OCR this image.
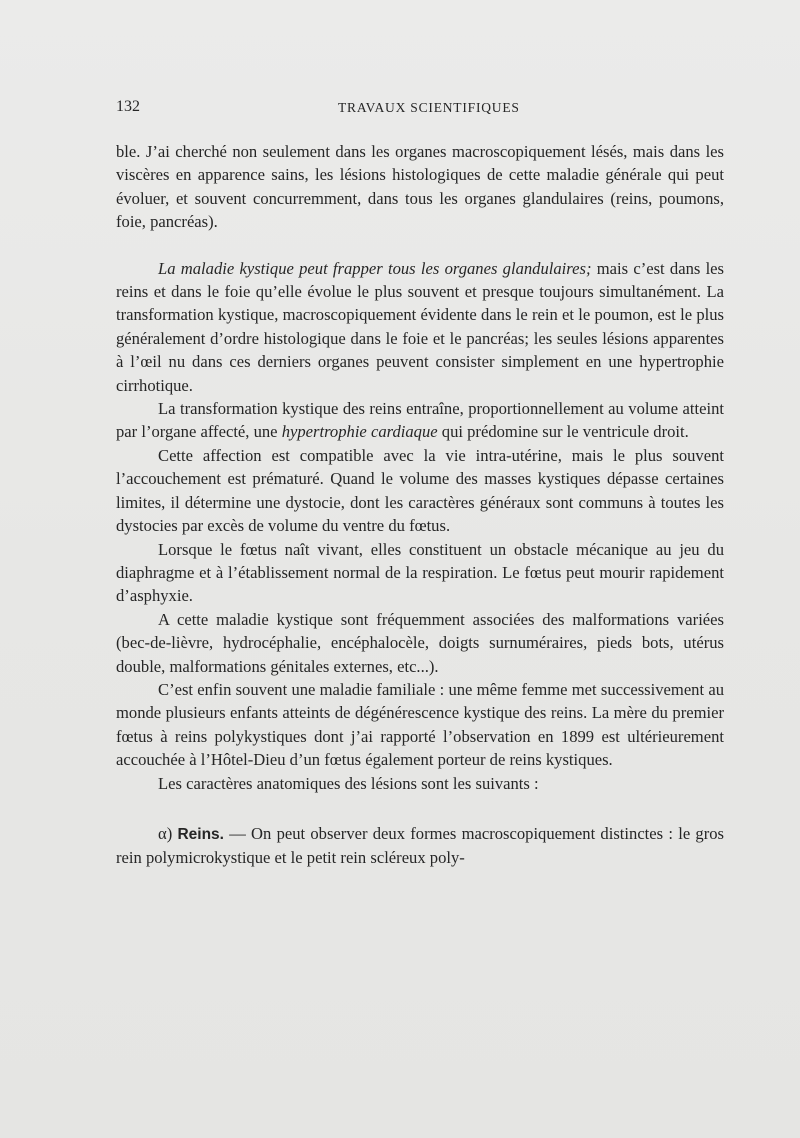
132	TRAVAUX SCIENTIFIQUES

ble. J’ai cherché non seulement dans les organes macroscopiquement lésés, mais dans les viscères en apparence sains, les lésions histologiques de cette maladie générale qui peut évoluer, et souvent concurremment, dans tous les organes glandulaires (reins, poumons, foie, pancréas).

La maladie kystique peut frapper tous les organes glandulaires; mais c’est dans les reins et dans le foie qu’elle évolue le plus souvent et presque toujours simultanément. La transformation kystique, macroscopiquement évidente dans le rein et le poumon, est le plus généralement d’ordre histologique dans le foie et le pancréas; les seules lésions apparentes à l’œil nu dans ces derniers organes peuvent consister simplement en une hypertrophie cirrhotique.

La transformation kystique des reins entraîne, proportionnellement au volume atteint par l’organe affecté, une hypertrophie cardiaque qui prédomine sur le ventricule droit.

Cette affection est compatible avec la vie intra-utérine, mais le plus souvent l’accouchement est prématuré. Quand le volume des masses kystiques dépasse certaines limites, il détermine une dystocie, dont les caractères généraux sont communs à toutes les dystocies par excès de volume du ventre du fœtus.

Lorsque le fœtus naît vivant, elles constituent un obstacle mécanique au jeu du diaphragme et à l’établissement normal de la respiration. Le fœtus peut mourir rapidement d’asphyxie.

A cette maladie kystique sont fréquemment associées des malformations variées (bec-de-lièvre, hydrocéphalie, encéphalocèle, doigts surnuméraires, pieds bots, utérus double, malformations génitales externes, etc...).

C’est enfin souvent une maladie familiale : une même femme met successivement au monde plusieurs enfants atteints de dégénérescence kystique des reins. La mère du premier fœtus à reins polykystiques dont j’ai rapporté l’observation en 1899 est ultérieurement accouchée à l’Hôtel-Dieu d’un fœtus également porteur de reins kystiques.

Les caractères anatomiques des lésions sont les suivants :

α) Reins. — On peut observer deux formes macroscopiquement distinctes : le gros rein polymicrokystique et le petit rein scléreux poly-
